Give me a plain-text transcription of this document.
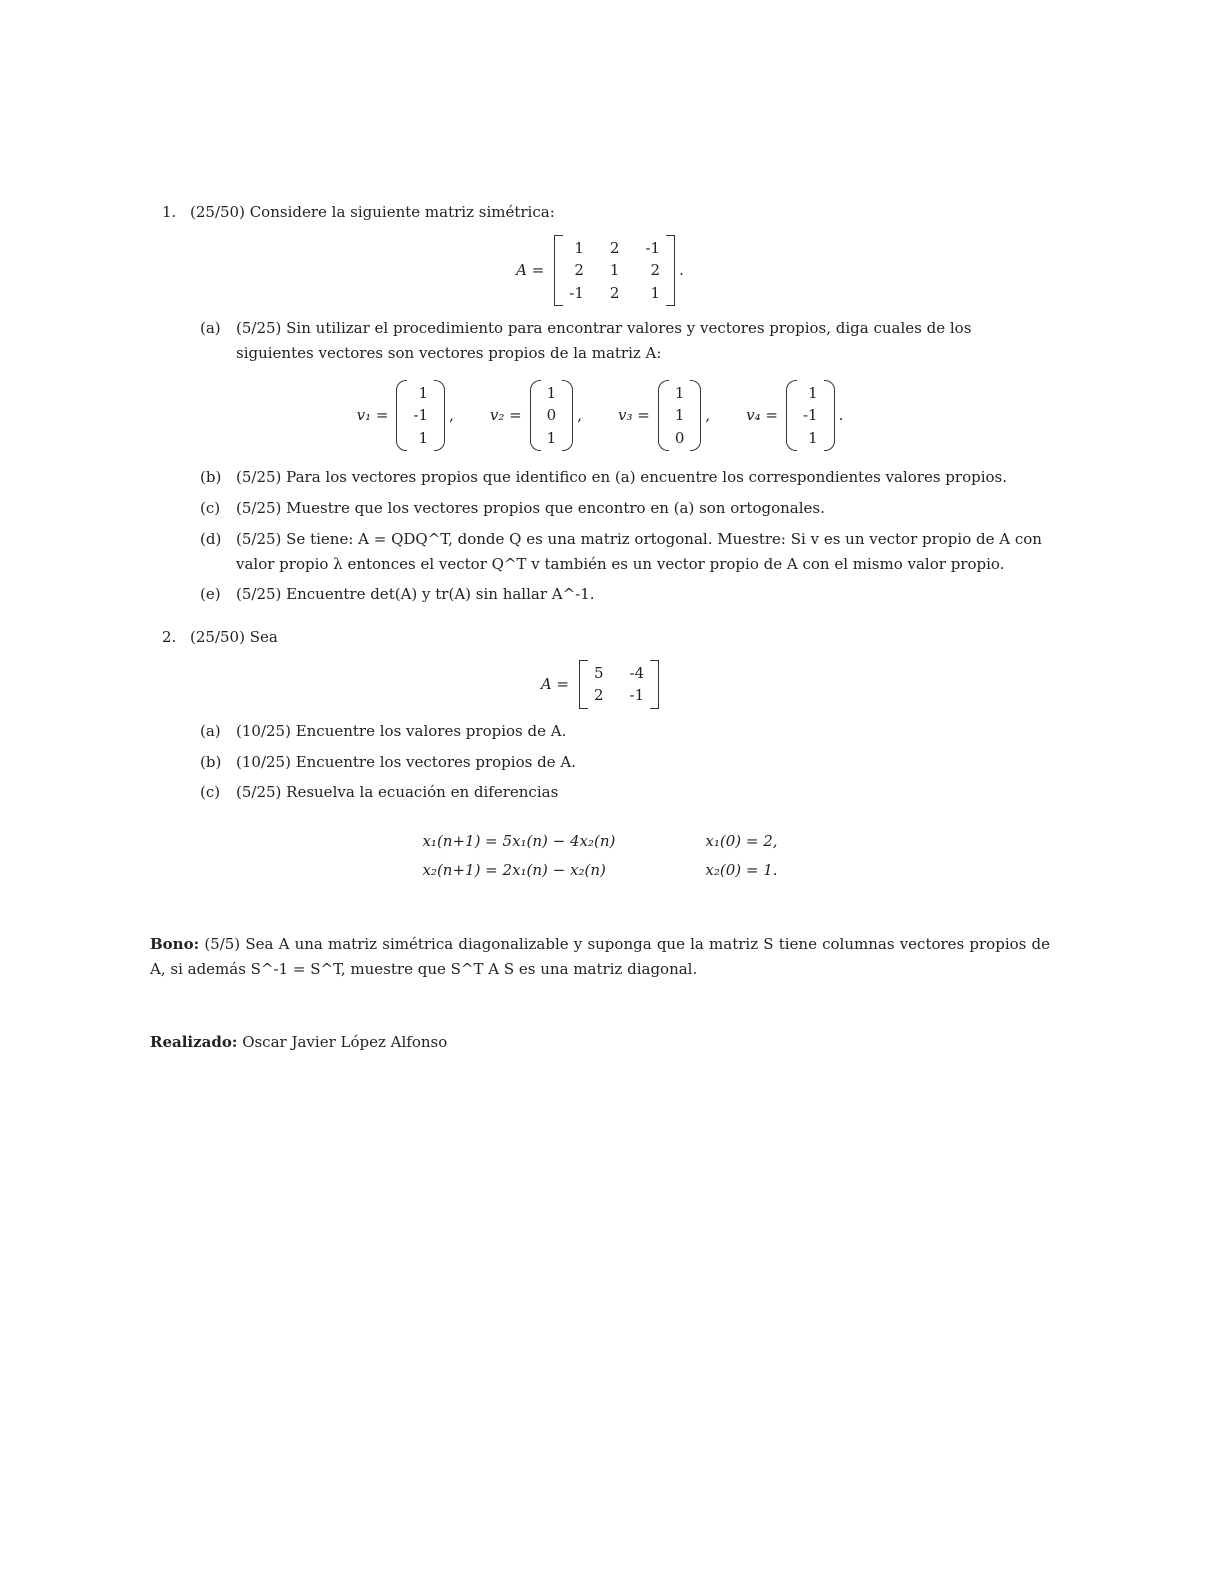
1. (25/50) Considere la siguiente matriz simétrica:
A =
1 2 -1
2 1	2
-1 2	1
.
(a) (5/25) Sin utilizar el procedimiento para encontrar valores y vectores propios, diga cuales de los siguientes vectores son vectores propios de la matriz A:
v₁ =
1
-1
1
, v₂ =
1
0
1
, v₃ =
1
1
0
, v₄ =
1
-1
1
.
(b) (5/25) Para los vectores propios que identifico en (a) encuentre los correspondientes valores propios.
(c) (5/25) Muestre que los vectores propios que encontro en (a) son ortogonales.
(d) (5/25) Se tiene: A = QDQ^T, donde Q es una matriz ortogonal. Muestre: Si v es un vector propio de A con valor propio λ entonces el vector Q^T v también es un vector propio de A con el mismo valor propio.
(e) (5/25) Encuentre det(A) y tr(A) sin hallar A^-1.
2. (25/50) Sea
A =
5 -4
2 -1
(a) (10/25) Encuentre los valores propios de A.
(b) (10/25) Encuentre los vectores propios de A.
(c) (5/25) Resuelva la ecuación en diferencias
x₁(n+1) = 5x₁(n) − 4x₂(n)	x₁(0) = 2,
x₂(n+1) = 2x₁(n) − x₂(n)	x₂(0) = 1.

Bono: (5/5) Sea A una matriz simétrica diagonalizable y suponga que la matriz S tiene columnas vectores propios de A, si además S^-1 = S^T, muestre que S^T A S es una matriz diagonal.

Realizado: Oscar Javier López Alfonso
